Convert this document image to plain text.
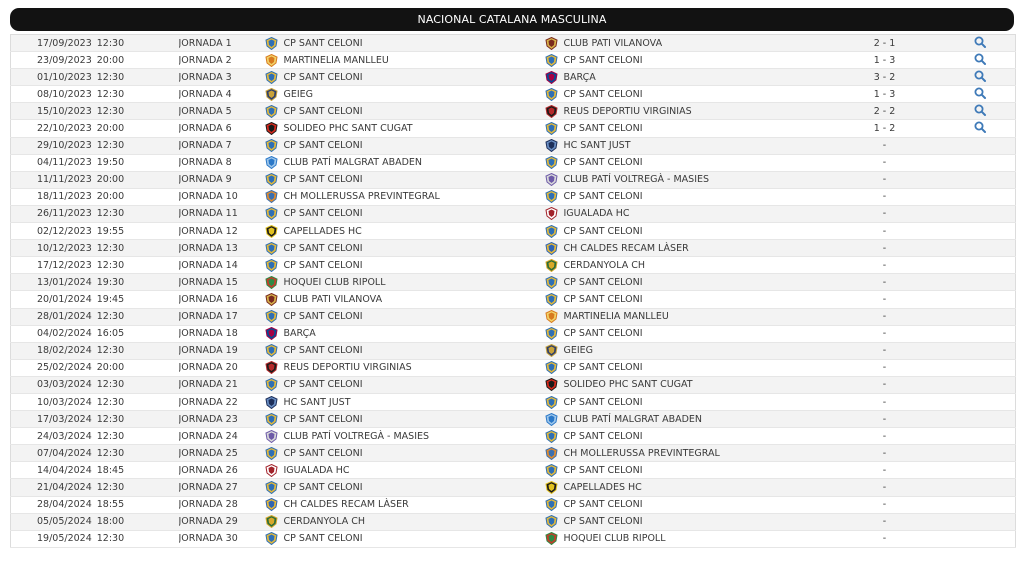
NACIONAL CATALANA MASCULINA
17/09/2023 12:30	JORNADA 1	CP SANT CELONI	CLUB PATI VILANOVA	2 - 1	
23/09/2023 20:00	JORNADA 2	MARTINELIA MANLLEU	CP SANT CELONI	1 - 3	
01/10/2023 12:30	JORNADA 3	CP SANT CELONI	BARÇA	3 - 2	
08/10/2023 12:30	JORNADA 4	GEIEG	CP SANT CELONI	1 - 3	
15/10/2023 12:30	JORNADA 5	CP SANT CELONI	REUS DEPORTIU VIRGINIAS	2 - 2	
22/10/2023 20:00	JORNADA 6	SOLIDEO PHC SANT CUGAT	CP SANT CELONI	1 - 2	
29/10/2023 12:30	JORNADA 7	CP SANT CELONI	HC SANT JUST	-	
04/11/2023 19:50	JORNADA 8	CLUB PATÍ MALGRAT ABADEN	CP SANT CELONI	-	
11/11/2023 20:00	JORNADA 9	CP SANT CELONI	CLUB PATÍ VOLTREGÀ - MASIES	-	
18/11/2023 20:00	JORNADA 10	CH MOLLERUSSA PREVINTEGRAL	CP SANT CELONI	-	
26/11/2023 12:30	JORNADA 11	CP SANT CELONI	IGUALADA HC	-	
02/12/2023 19:55	JORNADA 12	CAPELLADES HC	CP SANT CELONI	-	
10/12/2023 12:30	JORNADA 13	CP SANT CELONI	CH CALDES RECAM LÀSER	-	
17/12/2023 12:30	JORNADA 14	CP SANT CELONI	CERDANYOLA CH	-	
13/01/2024 19:30	JORNADA 15	HOQUEI CLUB RIPOLL	CP SANT CELONI	-	
20/01/2024 19:45	JORNADA 16	CLUB PATI VILANOVA	CP SANT CELONI	-	
28/01/2024 12:30	JORNADA 17	CP SANT CELONI	MARTINELIA MANLLEU	-	
04/02/2024 16:05	JORNADA 18	BARÇA	CP SANT CELONI	-	
18/02/2024 12:30	JORNADA 19	CP SANT CELONI	GEIEG	-	
25/02/2024 20:00	JORNADA 20	REUS DEPORTIU VIRGINIAS	CP SANT CELONI	-	
03/03/2024 12:30	JORNADA 21	CP SANT CELONI	SOLIDEO PHC SANT CUGAT	-	
10/03/2024 12:30	JORNADA 22	HC SANT JUST	CP SANT CELONI	-	
17/03/2024 12:30	JORNADA 23	CP SANT CELONI	CLUB PATÍ MALGRAT ABADEN	-	
24/03/2024 12:30	JORNADA 24	CLUB PATÍ VOLTREGÀ - MASIES	CP SANT CELONI	-	
07/04/2024 12:30	JORNADA 25	CP SANT CELONI	CH MOLLERUSSA PREVINTEGRAL	-	
14/04/2024 18:45	JORNADA 26	IGUALADA HC	CP SANT CELONI	-	
21/04/2024 12:30	JORNADA 27	CP SANT CELONI	CAPELLADES HC	-	
28/04/2024 18:55	JORNADA 28	CH CALDES RECAM LÀSER	CP SANT CELONI	-	
05/05/2024 18:00	JORNADA 29	CERDANYOLA CH	CP SANT CELONI	-	
19/05/2024 12:30	JORNADA 30	CP SANT CELONI	HOQUEI CLUB RIPOLL	-	
